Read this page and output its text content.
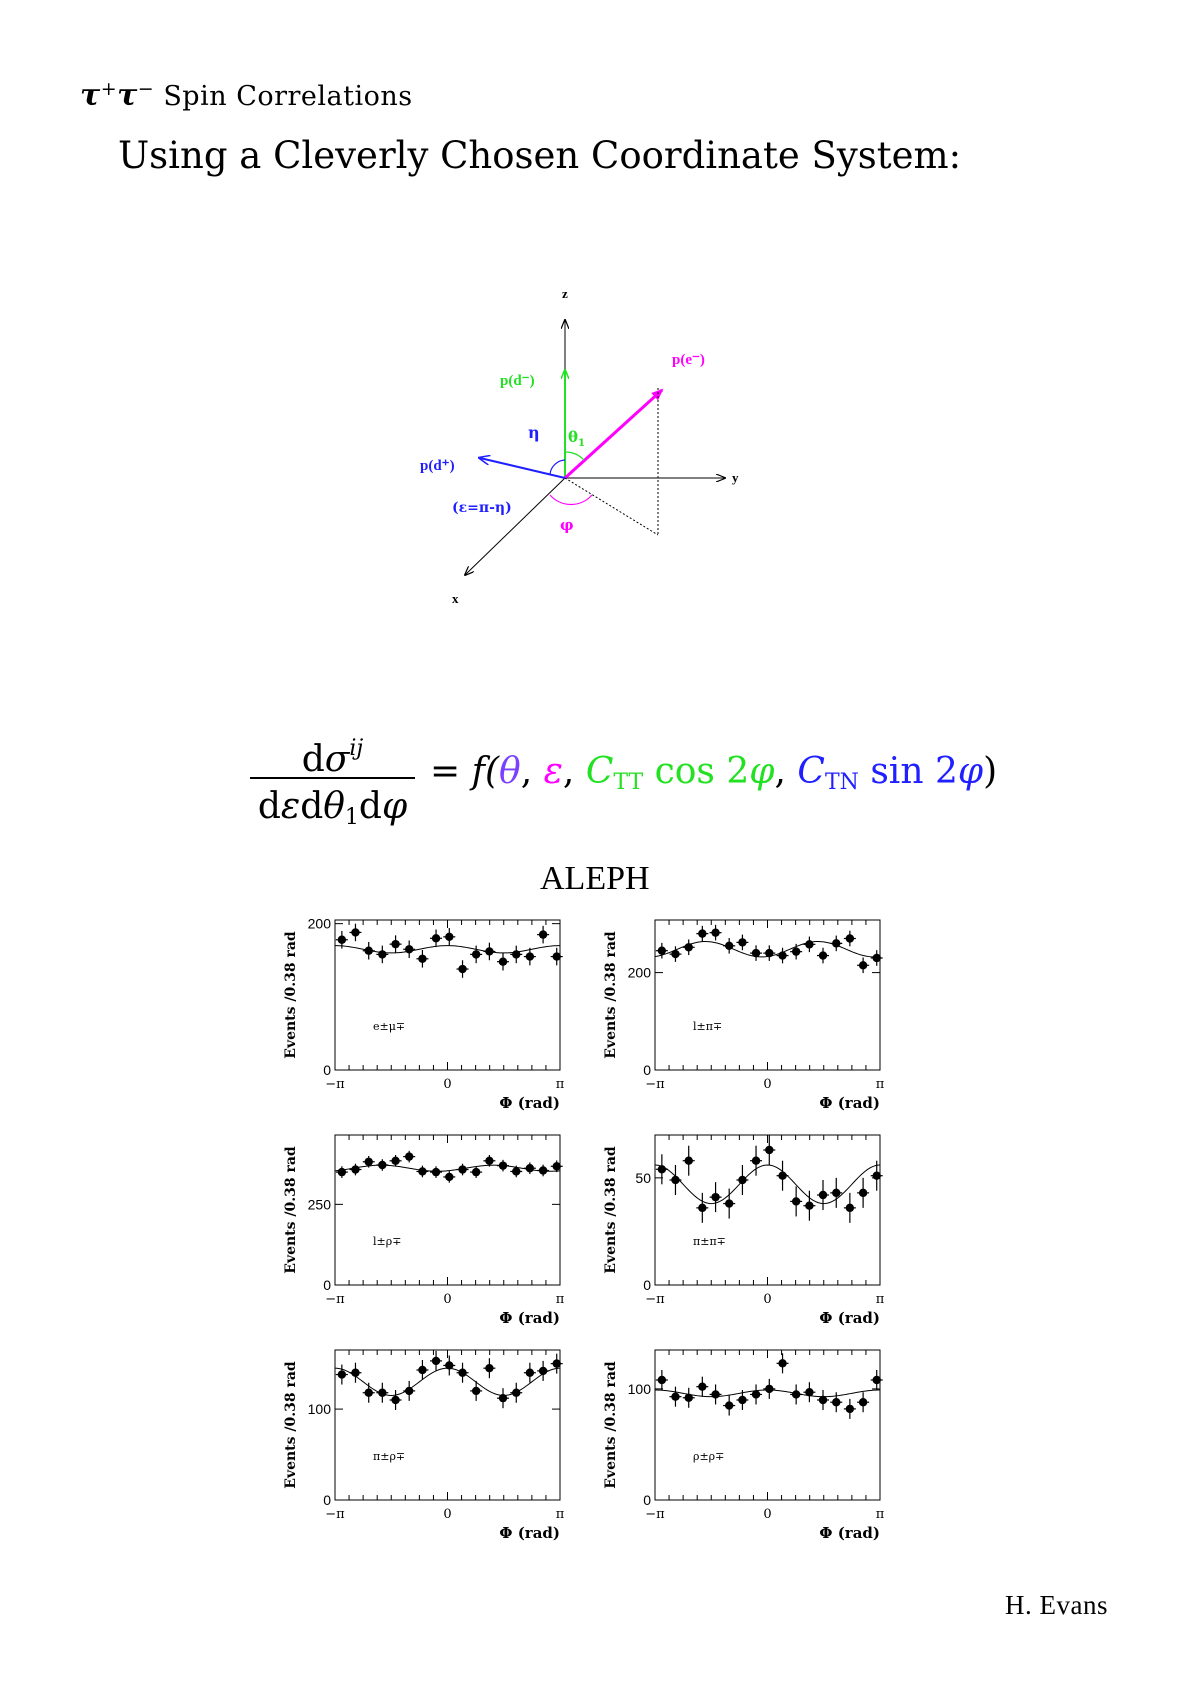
τ+τ− Spin Correlations
Using a Cleverly Chosen Coordinate System:
z
y
x
p(d⁻)
p(e⁻)
p(d⁺)
η $\theta_1$
(ε=π-η)
φ
$d\sigma^{ij}$
dεdθ$_1$dφ
= f(θ, ε, $C_{TT}$ cos 2φ, $C_{TN}$ sin 2φ)
ALEPH
0
200
−π	0	π
Φ (rad)
Events /0.38 rad	e±μ∓
0
200
−π	0	π
Φ (rad)
Events /0.38 rad	l±π∓
0
250
−π	0	π
Φ (rad)
Events /0.38 rad	l±ρ∓
0
50
−π	0	π
Φ (rad)
Events /0.38 rad	π±π∓
0
100
−π	0	π
Φ (rad)
Events /0.38 rad	π±ρ∓
0
100
−π	0	π
Φ (rad)
Events /0.38 rad	ρ±ρ∓
H. Evans
